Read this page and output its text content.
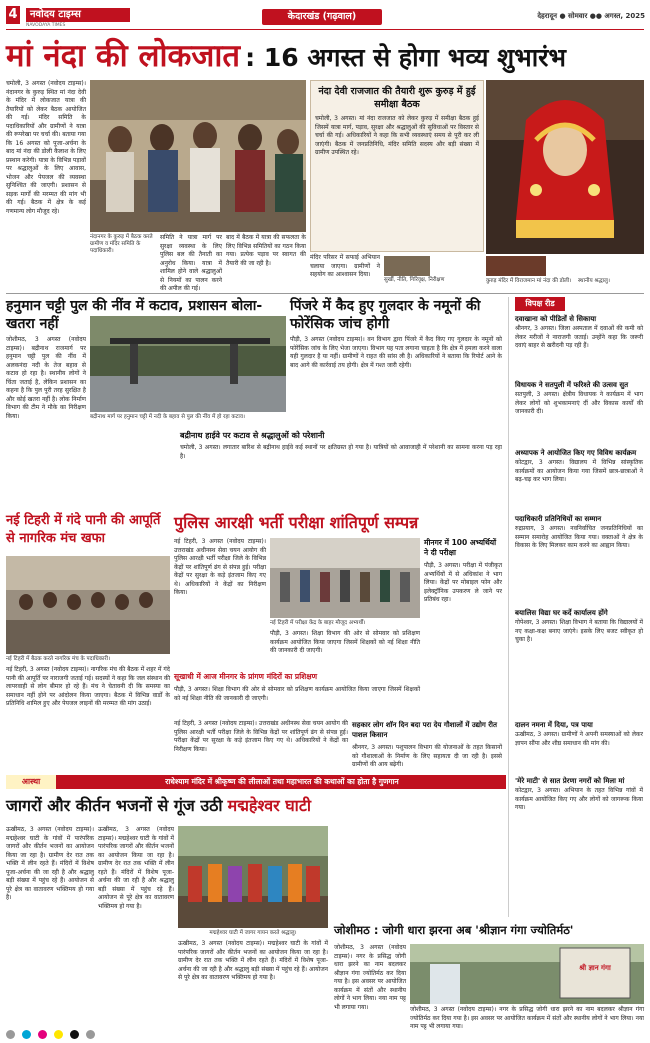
4	नवोदय टाइम्स
NAVODAYA TIMES
केदारखंड (गढ़वाल)	देहरादून ● सोमवार ●● अगस्त, 2025
मां नंदा की लोकजात : 16 अगस्त से होगा भव्य शुभारंभ
चमोली, 3 अगस्त (नवोदय टाइम्स)। नंदानगर के कुरुड़ स्थित मां नंदा देवी के मंदिर में लोकजात यात्रा की तैयारियों को लेकर बैठक आयोजित की गई। मंदिर समिति के पदाधिकारियों और ग्रामीणों ने यात्रा की रूपरेखा पर चर्चा की। बताया गया कि 16 अगस्त को पूजा-अर्चना के बाद मां नंदा की डोली कैलाश के लिए प्रस्थान करेगी। यात्रा के विभिन्न पड़ावों पर श्रद्धालुओं के लिए आवास, भोजन और पेयजल की व्यवस्था सुनिश्चित की जाएगी। प्रशासन से सड़क मार्गों की मरम्मत की मांग भी की गई। बैठक में क्षेत्र के कई गणमान्य लोग मौजूद रहे।
नंदानगर के कुरुड़ में बैठक करते ग्रामीण व मंदिर समिति के पदाधिकारी।
समिति ने यात्रा मार्ग पर सुरक्षा व्यवस्था के लिए पुलिस बल की तैनाती का अनुरोध किया। यात्रा में शामिल होने वाले श्रद्धालुओं से नियमों का पालन करने की अपील की गई।
बाद में बैठक में यात्रा की सफलता के लिए विभिन्न समितियों का गठन किया गया। प्रत्येक पड़ाव पर स्वागत की तैयारी की जा रही है।
नंदा देवी राजजात की तैयारी शुरू कुरुड़ में हुई समीक्षा बैठक
चमोली, 3 अगस्त। मां नंदा राजजात को लेकर कुरुड़ में समीक्षा बैठक हुई जिसमें यात्रा मार्ग, पड़ाव, सुरक्षा और श्रद्धालुओं की सुविधाओं पर विस्तार से चर्चा की गई। अधिकारियों ने कहा कि सभी व्यवस्थाएं समय से पूरी कर ली जाएंगी। बैठक में जनप्रतिनिधि, मंदिर समिति सदस्य और बड़ी संख्या में ग्रामीण उपस्थित रहे।
मंदिर परिसर में सफाई अभियान चलाया जाएगा। ग्रामीणों ने सहयोग का आश्वासन दिया।
सुर्खी, नीति, गिरिवृक्ष, निरीक्षण	कुरुड़ मंदिर में विराजमान मां नंदा की डोली।	स्थानीय श्रद्धालु।
हनुमान चट्टी पुल की नींव में कटाव, प्रशासन बोला- खतरा नहीं
जोशीमठ, 3 अगस्त (नवोदय टाइम्स)। बद्रीनाथ राजमार्ग पर हनुमान चट्टी पुल की नींव में अलकनंदा नदी के तेज बहाव से कटाव हो रहा है। स्थानीय लोगों ने चिंता जताई है, लेकिन प्रशासन का कहना है कि पुल पूरी तरह सुरक्षित है और कोई खतरा नहीं है। लोक निर्माण विभाग की टीम ने मौके का निरीक्षण किया।	बद्रीनाथ मार्ग पर हनुमान चट्टी में नदी के बहाव से पुल की नींव में हो रहा कटाव।
पिंजरे में कैद हुए गुलदार के नमूनों की फोरेंसिक जांच होगी
पौड़ी, 3 अगस्त (नवोदय टाइम्स)। वन विभाग द्वारा पिंजरे में कैद किए गए गुलदार के नमूनों को फोरेंसिक जांच के लिए भेजा जाएगा। विभाग यह पता लगाना चाहता है कि क्षेत्र में हमला करने वाला यही गुलदार है या नहीं। ग्रामीणों ने राहत की सांस ली है। अधिकारियों ने बताया कि रिपोर्ट आने के बाद आगे की कार्रवाई तय होगी। क्षेत्र में गश्त जारी रहेगी।
बद्रीनाथ हाईवे पर कटाव से श्रद्धालुओं को परेशानी
चमोली, 3 अगस्त। लगातार बारिश से बद्रीनाथ हाईवे कई स्थानों पर क्षतिग्रस्त हो गया है। यात्रियों को आवाजाही में परेशानी का सामना करना पड़ रहा है।
विपक्ष रीड
दवाखाना को पीडितों से सिकाया
श्रीनगर, 3 अगस्त। जिला अस्पताल में दवाओं की कमी को लेकर मरीजों ने नाराजगी जताई। उन्होंने कहा कि जरूरी दवाएं बाहर से खरीदनी पड़ रही हैं।
विधायक ने सतपुली में फरिश्ते की उत्सव सुत
सतपुली, 3 अगस्त। क्षेत्रीय विधायक ने कार्यक्रम में भाग लेकर लोगों को शुभकामनाएं दीं और विकास कार्यों की जानकारी दी।
अध्यापक ने आयोजित किए गए विविध कार्यक्रम
कोटद्वार, 3 अगस्त। विद्यालय में विभिन्न सांस्कृतिक कार्यक्रमों का आयोजन किया गया जिसमें छात्र-छात्राओं ने बढ़-चढ़ कर भाग लिया।
पदाधिकारी प्रतिनिधियों का सम्मान
रुद्रप्रयाग, 3 अगस्त। नवनिर्वाचित जनप्रतिनिधियों का सम्मान समारोह आयोजित किया गया। वक्ताओं ने क्षेत्र के विकास के लिए मिलकर काम करने का आह्वान किया।
बयालिस विद्या घर कर्दे कार्यालय होंगे
गोपेश्वर, 3 अगस्त। शिक्षा विभाग ने बताया कि विद्यालयों में नए कक्षा-कक्ष बनाए जाएंगे। इसके लिए बजट स्वीकृत हो चुका है।
दालन नमना में दिया, पत्र पाया
ऊखीमठ, 3 अगस्त। ग्रामीणों ने अपनी समस्याओं को लेकर ज्ञापन सौंपा और शीघ्र समाधान की मांग की।
'मेरे माटी' से सात प्रेरणा नगरों को मिला मां
कोटद्वार, 3 अगस्त। अभियान के तहत विभिन्न गांवों में कार्यक्रम आयोजित किए गए और लोगों को जागरूक किया गया।
नई टिहरी में गंदे पानी की आपूर्ति से नागरिक मंच खफा
नई टिहरी में बैठक करते नागरिक मंच के पदाधिकारी।
नई टिहरी, 3 अगस्त (नवोदय टाइम्स)। नागरिक मंच की बैठक में शहर में गंदे पानी की आपूर्ति पर नाराजगी जताई गई। सदस्यों ने कहा कि जल संस्थान की लापरवाही से लोग बीमार हो रहे हैं। मंच ने चेतावनी दी कि समस्या का समाधान नहीं होने पर आंदोलन किया जाएगा। बैठक में विभिन्न वार्डों के प्रतिनिधि शामिल हुए और पेयजल लाइनों की मरम्मत की मांग उठाई।
पुलिस आरक्षी भर्ती परीक्षा शांतिपूर्ण सम्पन्न
नई टिहरी, 3 अगस्त (नवोदय टाइम्स)। उत्तराखंड अधीनस्थ सेवा चयन आयोग की पुलिस आरक्षी भर्ती परीक्षा जिले के विभिन्न केंद्रों पर शांतिपूर्ण ढंग से संपन्न हुई। परीक्षा केंद्रों पर सुरक्षा के कड़े इंतजाम किए गए थे। अधिकारियों ने केंद्रों का निरीक्षण किया।
नई टिहरी में परीक्षा केंद्र के बाहर मौजूद अभ्यर्थी।
मीनगर में 100 अभ्यर्थियों ने दी परीक्षा
पौड़ी, 3 अगस्त। परीक्षा में पंजीकृत अभ्यर्थियों में से अधिकांश ने भाग लिया। केंद्रों पर मोबाइल फोन और इलेक्ट्रॉनिक उपकरण ले जाने पर प्रतिबंध रहा।
पौड़ी, 3 अगस्त। शिक्षा विभाग की ओर से सोमवार को प्रशिक्षण कार्यक्रम आयोजित किया जाएगा जिसमें शिक्षकों को नई शिक्षा नीति की जानकारी दी जाएगी।
सूखाधी में आज मीनगर के प्रांगण मंदिरों का प्रशिक्षण
पौड़ी, 3 अगस्त। शिक्षा विभाग की ओर से सोमवार को प्रशिक्षण कार्यक्रम आयोजित किया जाएगा जिसमें शिक्षकों को नई शिक्षा नीति की जानकारी दी जाएगी।
सहकार लोग शाॅन दिन बदा परा देय गौशालों में उद्योग रीत पाशल किसान
श्रीनगर, 3 अगस्त। पशुपालन विभाग की योजनाओं के तहत किसानों को गौशालाओं के निर्माण के लिए सहायता दी जा रही है। इससे ग्रामीणों की आय बढ़ेगी।
नई टिहरी, 3 अगस्त (नवोदय टाइम्स)। उत्तराखंड अधीनस्थ सेवा चयन आयोग की पुलिस आरक्षी भर्ती परीक्षा जिले के विभिन्न केंद्रों पर शांतिपूर्ण ढंग से संपन्न हुई। परीक्षा केंद्रों पर सुरक्षा के कड़े इंतजाम किए गए थे। अधिकारियों ने केंद्रों का निरीक्षण किया।
आस्था	राधेश्याम मंदिर में श्रीकृष्ण की लीलाओं तथा महाभारत की कथाओं का होता है गुणगान
जागरों और कीर्तन भजनों से गूंज उठी मद्महेश्वर घाटी
ऊखीमठ, 3 अगस्त (नवोदय टाइम्स)। मद्महेश्वर घाटी के गांवों में पारंपरिक जागरों और कीर्तन भजनों का आयोजन किया जा रहा है। ग्रामीण देर रात तक भक्ति में लीन रहते हैं। मंदिरों में विशेष पूजा-अर्चना की जा रही है और श्रद्धालु बड़ी संख्या में पहुंच रहे हैं। आयोजन से पूरे क्षेत्र का वातावरण भक्तिमय हो गया है।
ऊखीमठ, 3 अगस्त (नवोदय टाइम्स)। मद्महेश्वर घाटी के गांवों में पारंपरिक जागरों और कीर्तन भजनों का आयोजन किया जा रहा है। ग्रामीण देर रात तक भक्ति में लीन रहते हैं। मंदिरों में विशेष पूजा-अर्चना की जा रही है और श्रद्धालु बड़ी संख्या में पहुंच रहे हैं। आयोजन से पूरे क्षेत्र का वातावरण भक्तिमय हो गया है।
मद्महेश्वर घाटी में जागर गायन करते श्रद्धालु।
ऊखीमठ, 3 अगस्त (नवोदय टाइम्स)। मद्महेश्वर घाटी के गांवों में पारंपरिक जागरों और कीर्तन भजनों का आयोजन किया जा रहा है। ग्रामीण देर रात तक भक्ति में लीन रहते हैं। मंदिरों में विशेष पूजा-अर्चना की जा रही है और श्रद्धालु बड़ी संख्या में पहुंच रहे हैं। आयोजन से पूरे क्षेत्र का वातावरण भक्तिमय हो गया है।
जोशीमठ : जोगी धारा झरना अब 'श्रीज्ञान गंगा ज्योतिर्मठ'
जोशीमठ, 3 अगस्त (नवोदय टाइम्स)। नगर के प्रसिद्ध जोगी धारा झरने का नाम बदलकर श्रीज्ञान गंगा ज्योतिर्मठ कर दिया गया है। इस अवसर पर आयोजित कार्यक्रम में संतों और स्थानीय लोगों ने भाग लिया। नया नाम पट्ट भी लगाया गया।
श्री ज्ञान गंगा
जोशीमठ, 3 अगस्त (नवोदय टाइम्स)। नगर के प्रसिद्ध जोगी धारा झरने का नाम बदलकर श्रीज्ञान गंगा ज्योतिर्मठ कर दिया गया है। इस अवसर पर आयोजित कार्यक्रम में संतों और स्थानीय लोगों ने भाग लिया। नया नाम पट्ट भी लगाया गया।
